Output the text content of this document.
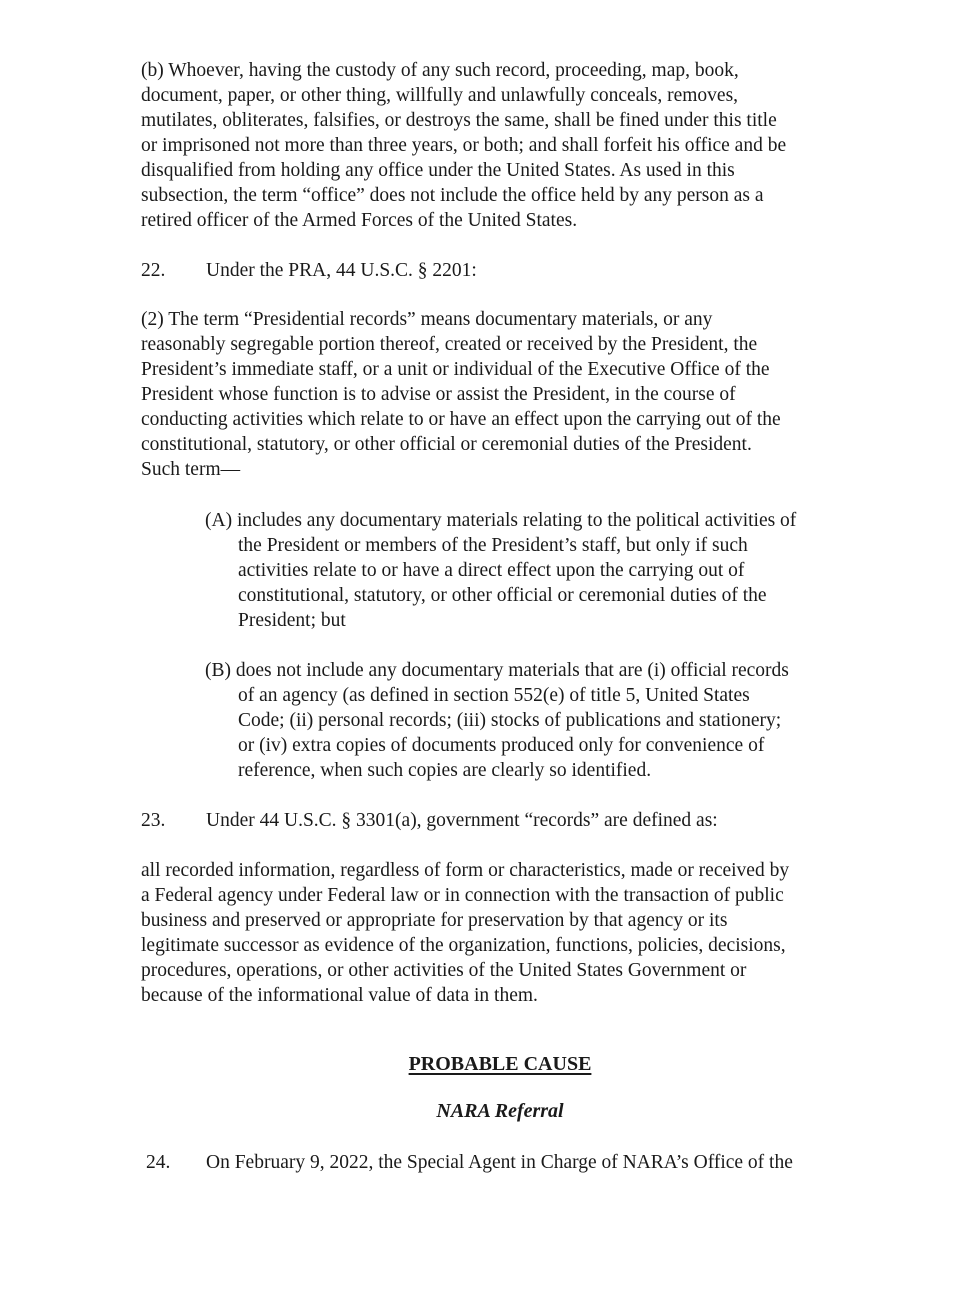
(b) Whoever, having the custody of any such record, proceeding, map, book,
document, paper, or other thing, willfully and unlawfully conceals, removes,
mutilates, obliterates, falsifies, or destroys the same, shall be fined under this title
or imprisoned not more than three years, or both; and shall forfeit his office and be
disqualified from holding any office under the United States. As used in this
subsection, the term “office” does not include the office held by any person as a
retired officer of the Armed Forces of the United States.
22. Under the PRA, 44 U.S.C. § 2201:
(2) The term “Presidential records” means documentary materials, or any
reasonably segregable portion thereof, created or received by the President, the
President’s immediate staff, or a unit or individual of the Executive Office of the
President whose function is to advise or assist the President, in the course of
conducting activities which relate to or have an effect upon the carrying out of the
constitutional, statutory, or other official or ceremonial duties of the President.
Such term—
(A) includes any documentary materials relating to the political activities of
the President or members of the President’s staff, but only if such
activities relate to or have a direct effect upon the carrying out of
constitutional, statutory, or other official or ceremonial duties of the
President; but
(B) does not include any documentary materials that are (i) official records
of an agency (as defined in section 552(e) of title 5, United States
Code; (ii) personal records; (iii) stocks of publications and stationery;
or (iv) extra copies of documents produced only for convenience of
reference, when such copies are clearly so identified.
23. Under 44 U.S.C. § 3301(a), government “records” are defined as:
all recorded information, regardless of form or characteristics, made or received by
a Federal agency under Federal law or in connection with the transaction of public
business and preserved or appropriate for preservation by that agency or its
legitimate successor as evidence of the organization, functions, policies, decisions,
procedures, operations, or other activities of the United States Government or
because of the informational value of data in them.
PROBABLE CAUSE
NARA Referral
24. On February 9, 2022, the Special Agent in Charge of NARA’s Office of the
